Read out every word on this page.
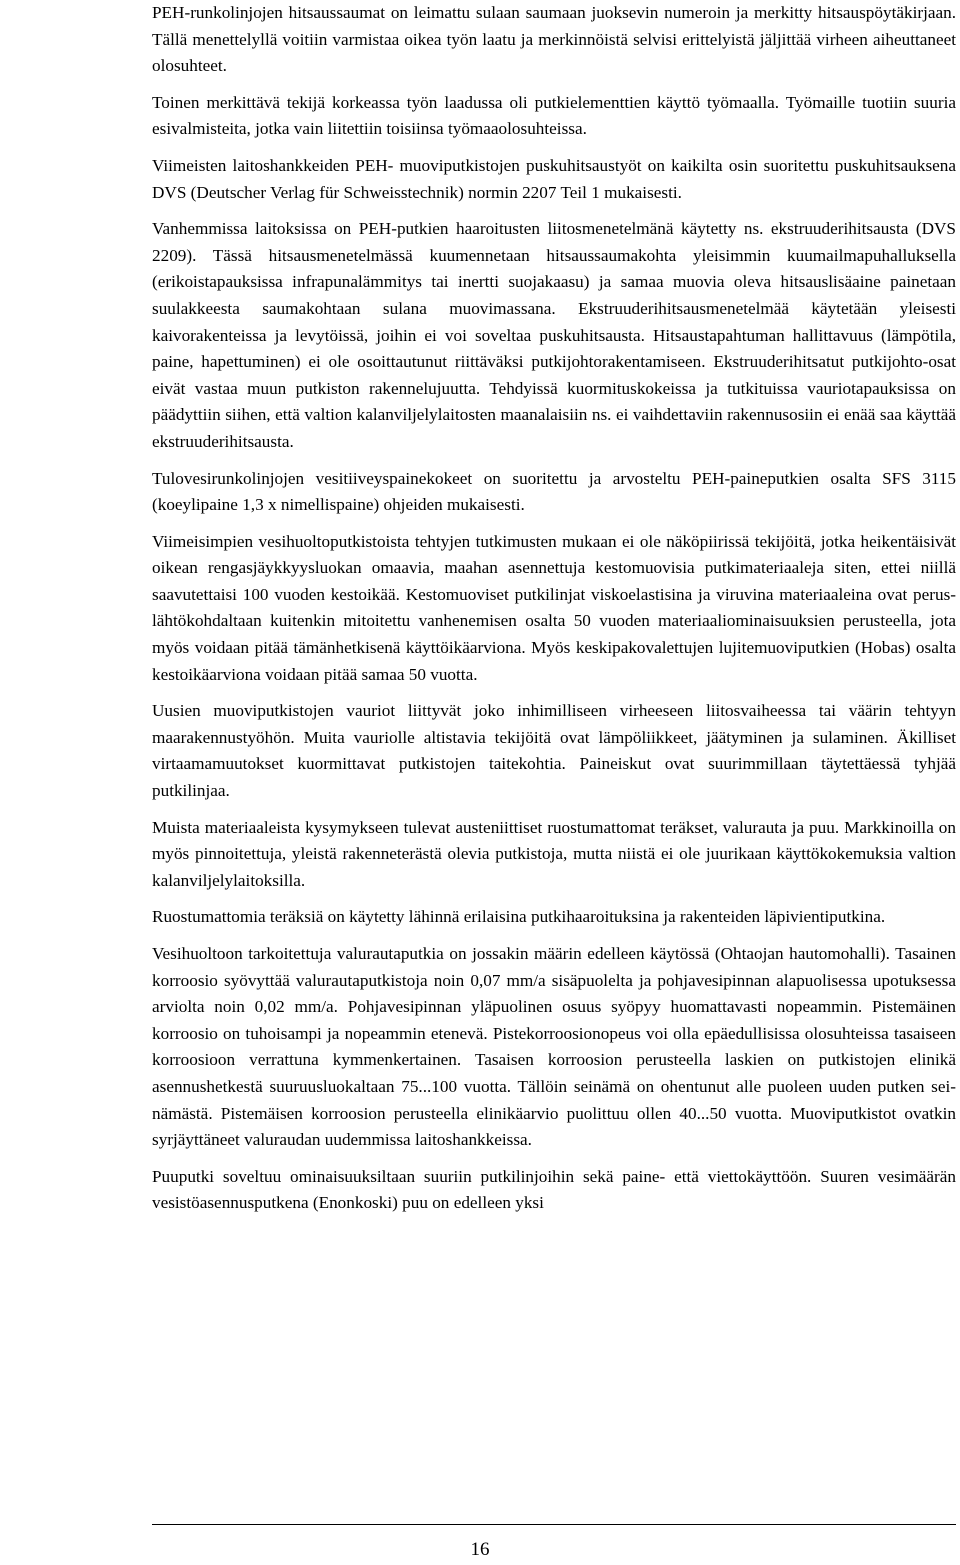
PEH-runkolinjojen hitsaussaumat on leimattu sulaan saumaan juoksevin numeroin ja merkitty hitsauspöytäkirjaan. Tällä menettelyllä voitiin varmistaa oikea työn laatu ja merkinnöistä selvisi erittelyistä jäljittää virheen aiheuttaneet olosuhteet.

Toinen merkittävä tekijä korkeassa työn laadussa oli putkielementtien käyttö työmaalla. Työmaille tuotiin suuria esivalmisteita, jotka vain liitettiin toisiinsa työmaaolosuhteissa.

Viimeisten laitoshankkeiden PEH- muoviputkistojen puskuhitsaustyöt on kaikilta osin suoritettu puskuhitsauksena DVS (Deutscher Verlag für Schweisstechnik) normin 2207 Teil 1 mukaisesti.

Vanhemmissa laitoksissa on PEH-putkien haaroitusten liitosmenetelmänä käytetty ns. ekstruuderihitsausta (DVS 2209). Tässä hitsausmenetelmässä kuumennetaan hitsaussaumakohta yleisimmin kuumailmapuhalluksella (erikoistapauksissa infrapunalämmitys tai inertti suojakaasu) ja samaa muovia oleva hitsauslisäaine painetaan suulakkeesta saumakohtaan sulana muovimassana. Ekstruuderihitsausmenetelmää käytetään yleisesti kaivorakenteissa ja levytöissä, joihin ei voi soveltaa puskuhitsausta. Hitsaustapahtuman hallittavuus (lämpötila, paine, hapettuminen) ei ole osoittautunut riittäväksi putkijohtorakentamiseen. Ekstruuderihitsatut putkijohto-osat eivät vastaa muun putkiston rakennelujuutta. Tehdyissä kuormituskokeissa ja tutkituissa vauriotapauksissa on päädyttiin siihen, että valtion kalanviljelylaitosten maanalaisiin ns. ei vaihdettaviin rakennusosiin ei enää saa käyttää ekstruuderihitsausta.

Tulovesirunkolinjojen vesitiiveyspainekokeet on suoritettu ja arvosteltu PEH-paineputkien osalta SFS 3115 (koeylipaine 1,3 x nimellispaine) ohjeiden mukaisesti.

Viimeisimpien vesihuoltoputkistoista tehtyjen tutkimusten mukaan ei ole näköpiirissä tekijöitä, jotka heikentäisivät oikean rengasjäykkyysluokan omaavia, maahan asennettuja kestomuovisia putkimateriaaleja siten, ettei niillä saavutettaisi 100 vuoden kestoikää. Kestomuoviset putkilinjat viskoelastisina ja viruvina materiaaleina ovat peruslähtökohdaltaan kuitenkin mitoitettu vanhenemisen osalta 50 vuoden materiaaliominaisuuksien perusteella, jota myös voidaan pitää tämänhetkisenä käyttöikäarviona. Myös keskipakovalettujen lujitemuoviputkien (Hobas) osalta kestoikäarviona voidaan pitää samaa 50 vuotta.

Uusien muoviputkistojen vauriot liittyvät joko inhimilliseen virheeseen liitosvaiheessa tai väärin tehtyyn maarakennustyöhön. Muita vauriolle altistavia tekijöitä ovat lämpöliikkeet, jäätyminen ja sulaminen. Äkilliset virtaamamuutokset kuormittavat putkistojen taitekohtia. Paineiskut ovat suurimmillaan täytettäessä tyhjää putkilinjaa.

Muista materiaaleista kysymykseen tulevat austeniittiset ruostumattomat teräkset, valurauta ja puu. Markkinoilla on myös pinnoitettuja, yleistä rakenneterästä olevia putkistoja, mutta niistä ei ole juurikaan käyttökokemuksia valtion kalanviljelylaitoksilla.

Ruostumattomia teräksiä on käytetty lähinnä erilaisina putkihaaroituksina ja rakenteiden läpivientiputkina.

Vesihuoltoon tarkoitettuja valurautaputkia on jossakin määrin edelleen käytössä (Ohtaojan hautomohalli). Tasainen korroosio syövyttää valurautaputkistoja noin 0,07 mm/a sisäpuolelta ja pohjavesipinnan alapuolisessa upotuksessa arviolta noin 0,02 mm/a. Pohjavesipinnan yläpuolinen osuus syöpyy huomattavasti nopeammin. Pistemäinen korroosio on tuhoisampi ja nopeammin etenevä. Pistekorroosionopeus voi olla epäedullisissa olosuhteissa tasaiseen korroosioon verrattuna kymmenkertainen. Tasaisen korroosion perusteella laskien on putkistojen elinikä asennushetkestä suuruusluokaltaan 75...100 vuotta. Tällöin seinämä on ohentunut alle puoleen uuden putken seinämästä. Pistemäisen korroosion perusteella elinikäarvio puolittuu ollen 40...50 vuotta. Muoviputkistot ovatkin syrjäyttäneet valuraudan uudemmissa laitoshankkeissa.

Puuputki soveltuu ominaisuuksiltaan suuriin putkilinjoihin sekä paine- että viettokäyttöön. Suuren vesimäärän vesistöasennusputkena (Enonkoski) puu on edelleen yksi

16
